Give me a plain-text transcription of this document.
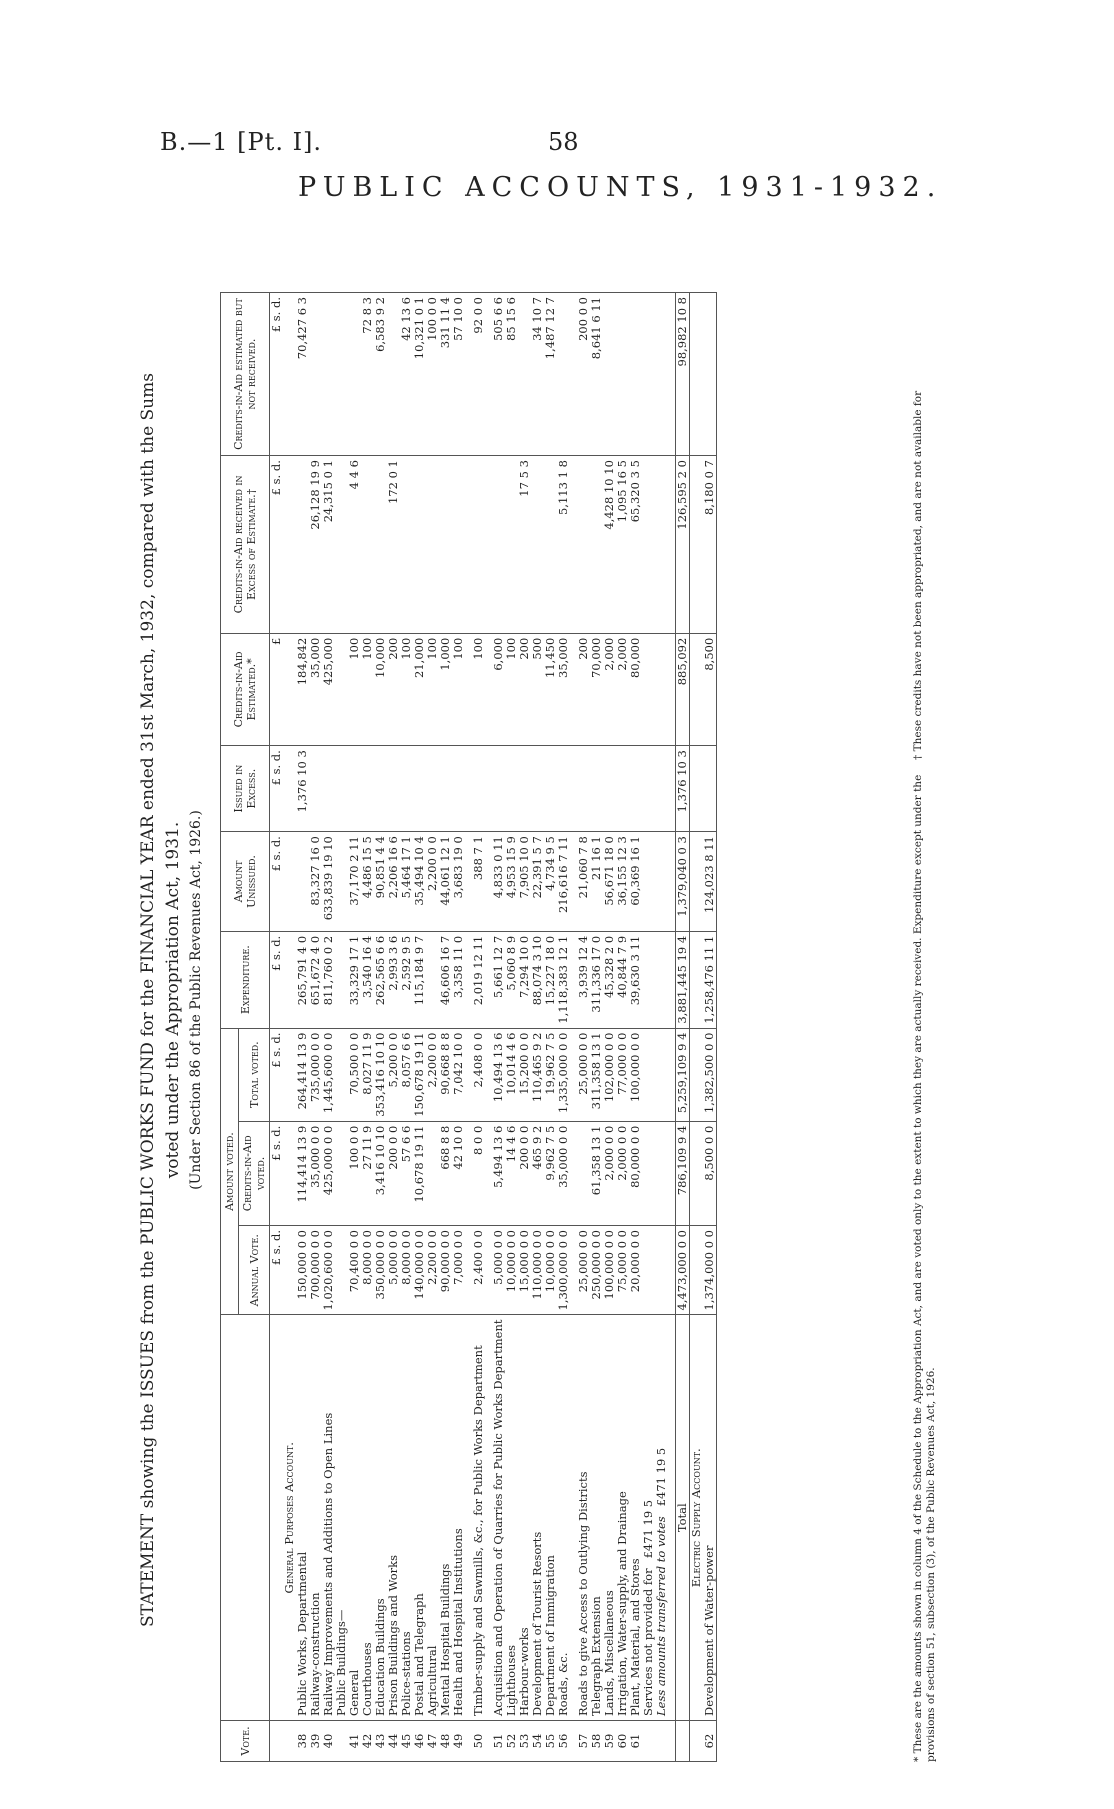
B.—1 [Pt. I].	58
PUBLIC ACCOUNTS, 1931-1932.
STATEMENT showing the ISSUES from the PUBLIC WORKS FUND for the FINANCIAL YEAR ended 31st March, 1932, compared with the Sums voted under the Appropriation Act, 1931. (Under Section 86 of the Public Revenues Act, 1926.)
Vote.		Amount voted.			Expenditure.	Amount Unissued.	Issued in Excess.	Credits-in-Aid Estimated.*	Credits-in-Aid received in Excess of Estimate.†	Credits-in-Aid estimated but not received.
		Annual Vote.	Credits-in-Aid voted.	Total voted.						
		£ s. d.	£ s. d.	£ s. d.	£ s. d.	£ s. d.	£ s. d.	£	£ s. d.	£ s. d.
	General Purposes Account.									
38	Public Works, Departmental	150,000 0 0	114,414 13 9	264,414 13 9	265,791 4 0		1,376 10 3	184,842		70,427 6 3
39	Railway-construction	700,000 0 0	35,000 0 0	735,000 0 0	651,672 4 0	83,327 16 0		35,000	26,128 19 9	
40	Railway Improvements and Additions to Open Lines	1,020,600 0 0	425,000 0 0	1,445,600 0 0	811,760 0 2	633,839 19 10		425,000	24,315 0 1	
	Public Buildings—									
41	General	70,400 0 0	100 0 0	70,500 0 0	33,329 17 1	37,170 2 11		100	4 4 6	
42	Courthouses	8,000 0 0	27 11 9	8,027 11 9	3,540 16 4	4,486 15 5		100		72 8 3
43	Education Buildings	350,000 0 0	3,416 10 10	353,416 10 10	262,565 6 6	90,851 4 4		10,000		6,583 9 2
44	Prison Buildings and Works	5,000 0 0	200 0 0	5,200 0 0	2,993 3 6	2,206 16 6		200	172 0 1	
45	Police-stations	8,000 0 0	57 6 6	8,057 6 6	2,592 9 5	5,464 17 1		100		42 13 6
46	Postal and Telegraph	140,000 0 0	10,678 19 11	150,678 19 11	115,184 9 7	35,494 10 4		21,000		10,321 0 1
47	Agricultural	2,200 0 0		2,200 0 0		2,200 0 0		100		100 0 0
48	Mental Hospital Buildings	90,000 0 0	668 8 8	90,668 8 8	46,606 16 7	44,061 12 1		1,000		331 11 4
49	Health and Hospital Institutions	7,000 0 0	42 10 0	7,042 10 0	3,358 11 0	3,683 19 0		100		57 10 0

50	Timber-supply and Sawmills, &c., for Public Works Department	2,400 0 0	8 0 0	2,408 0 0	2,019 12 11	388 7 1		100		92 0 0

51	Acquisition and Operation of Quarries for Public Works Department	5,000 0 0	5,494 13 6	10,494 13 6	5,661 12 7	4,833 0 11		6,000		505 6 6
52	Lighthouses	10,000 0 0	14 4 6	10,014 4 6	5,060 8 9	4,953 15 9		100		85 15 6
53	Harbour-works	15,000 0 0	200 0 0	15,200 0 0	7,294 10 0	7,905 10 0		200	17 5 3	
54	Development of Tourist Resorts	110,000 0 0	465 9 2	110,465 9 2	88,074 3 10	22,391 5 7		500		34 10 7
55	Department of Immigration	10,000 0 0	9,962 7 5	19,962 7 5	15,227 18 0	4,734 9 5		11,450		1,487 12 7
56	Roads, &c.	1,300,000 0 0	35,000 0 0	1,335,000 0 0	1,118,383 12 1	216,616 7 11		35,000	5,113 1 8	

57	Roads to give Access to Outlying Districts	25,000 0 0		25,000 0 0	3,939 12 4	21,060 7 8		200		200 0 0
58	Telegraph Extension	250,000 0 0	61,358 13 1	311,358 13 1	311,336 17 0	21 16 1		70,000		8,641 6 11
59	Lands, Miscellaneous	100,000 0 0	2,000 0 0	102,000 0 0	45,328 2 0	56,671 18 0		2,000	4,428 10 10	
60	Irrigation, Water-supply, and Drainage	75,000 0 0	2,000 0 0	77,000 0 0	40,844 7 9	36,155 12 3		2,000	1,095 16 5	
61	Plant, Material, and Stores	20,000 0 0	80,000 0 0	100,000 0 0	39,630 3 11	60,369 16 1		80,000	65,320 3 5	
	Services not provided for£471 19 5									
	Less amounts transferred to votes£471 19 5									

	Total	4,473,000 0 0	786,109 9 4	5,259,109 9 4	3,881,445 19 4	1,379,040 0 3	1,376 10 3	885,092	126,595 2 0	98,982 10 8
	Electric Supply Account.									
62	Development of Water-power	1,374,000 0 0	8,500 0 0	1,382,500 0 0	1,258,476 11 1	124,023 8 11		8,500	8,180 0 7	
* These are the amounts shown in column 4 of the Schedule to the Appropriation Act, and are voted only to the extent to which they are actually received. Expenditure except under the provisions of section 51, subsection (3), of the Public Revenues Act, 1926.
† These credits have not been appropriated, and are not available for
